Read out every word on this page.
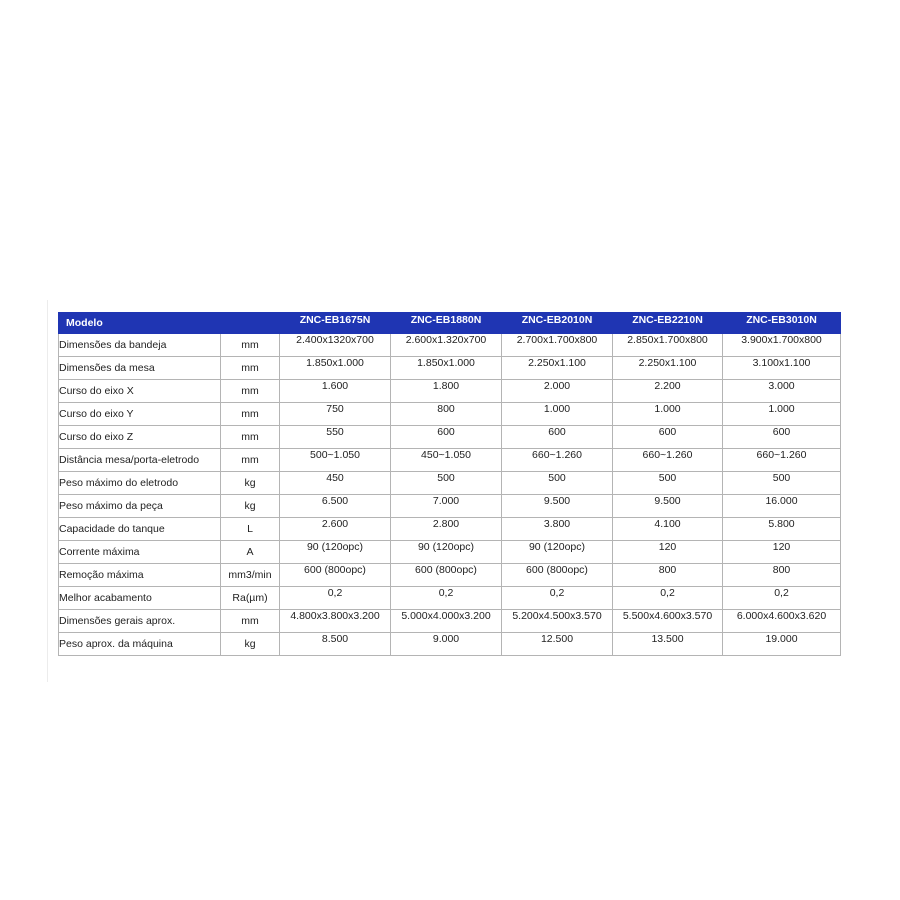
Modelo		ZNC-EB1675N	ZNC-EB1880N	ZNC-EB2010N	ZNC-EB2210N	ZNC-EB3010N
Dimensões da bandeja	mm	2.400x1320x700	2.600x1.320x700	2.700x1.700x800	2.850x1.700x800	3.900x1.700x800
Dimensões da mesa	mm	1.850x1.000	1.850x1.000	2.250x1.100	2.250x1.100	3.100x1.100
Curso do eixo X	mm	1.600	1.800	2.000	2.200	3.000
Curso do eixo Y	mm	750	800	1.000	1.000	1.000
Curso do eixo Z	mm	550	600	600	600	600
Distância mesa/porta-eletrodo	mm	500~1.050	450~1.050	660~1.260	660~1.260	660~1.260
Peso máximo do eletrodo	kg	450	500	500	500	500
Peso máximo da peça	kg	6.500	7.000	9.500	9.500	16.000
Capacidade do tanque	L	2.600	2.800	3.800	4.100	5.800
Corrente máxima	A	90 (120opc)	90 (120opc)	90 (120opc)	120	120
Remoção máxima	mm3/min	600 (800opc)	600 (800opc)	600 (800opc)	800	800
Melhor acabamento	Ra(µm)	0,2	0,2	0,2	0,2	0,2
Dimensões gerais aprox.	mm	4.800x3.800x3.200	5.000x4.000x3.200	5.200x4.500x3.570	5.500x4.600x3.570	6.000x4.600x3.620
Peso aprox. da máquina	kg	8.500	9.000	12.500	13.500	19.000
